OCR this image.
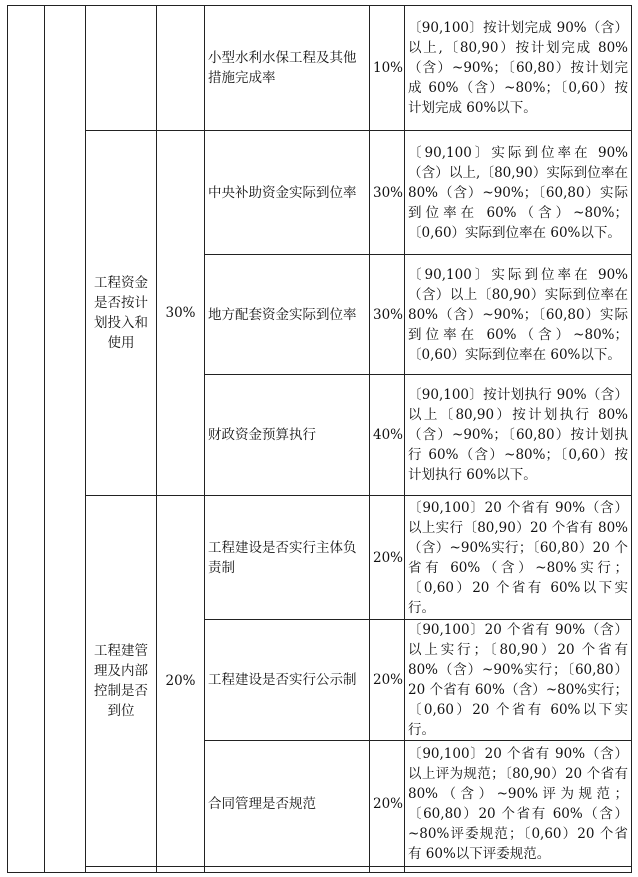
				小型水利水保工程及其他措施完成率	10%	〔90,100〕按计划完成 90%（含）以上,〔80,90）按计划完成 80%（含）~90%；〔60,80）按计划完成 60%（含）~80%；〔0,60）按计划完成 60%以下。
		工程资金是否按计划投入和使用	30%	中央补助资金实际到位率	30%	〔90,100〕实际到位率在 90%（含）以上,〔80,90）实际到位率在 80%（含）~90%；〔60,80）实际到位率在 60%（含）~80%；〔0,60）实际到位率在 60%以下。
				地方配套资金实际到位率	30%	〔90,100〕实际到位率在 90%（含）以上〔80,90）实际到位率在 80%（含）~90%；〔60,80）实际到位率在 60%（含）~80%；〔0,60）实际到位率在 60%以下。
				财政资金预算执行	40%	〔90,100〕按计划执行 90%（含）以上〔80,90）按计划执行 80%（含）~90%；〔60,80）按计划执行 60%（含）~80%；〔0,60）按计划执行 60%以下。
		工程建管理及内部控制是否到位	20%	工程建设是否实行主体负责制	20%	〔90,100〕20 个省有 90%（含）以上实行〔80,90）20 个省有 80%（含）~90%实行；〔60,80）20 个省有 60%（含）~80%实行；〔0,60）20 个省有 60%以下实行。
				工程建设是否实行公示制	20%	〔90,100〕20 个省有 90%（含）以上实行；〔80,90）20 个省有 80%（含）~90%实行；〔60,80）20 个省有 60%（含）~80%实行；〔0,60）20 个省有 60%以下实行。
				合同管理是否规范	20%	〔90,100〕20 个省有 90%（含）以上评为规范；〔80,90）20 个省有 80%（含）~90%评为规范；〔60,80）20 个省有 60%（含）~80%评委规范；〔0,60）20 个省有 60%以下评委规范。
